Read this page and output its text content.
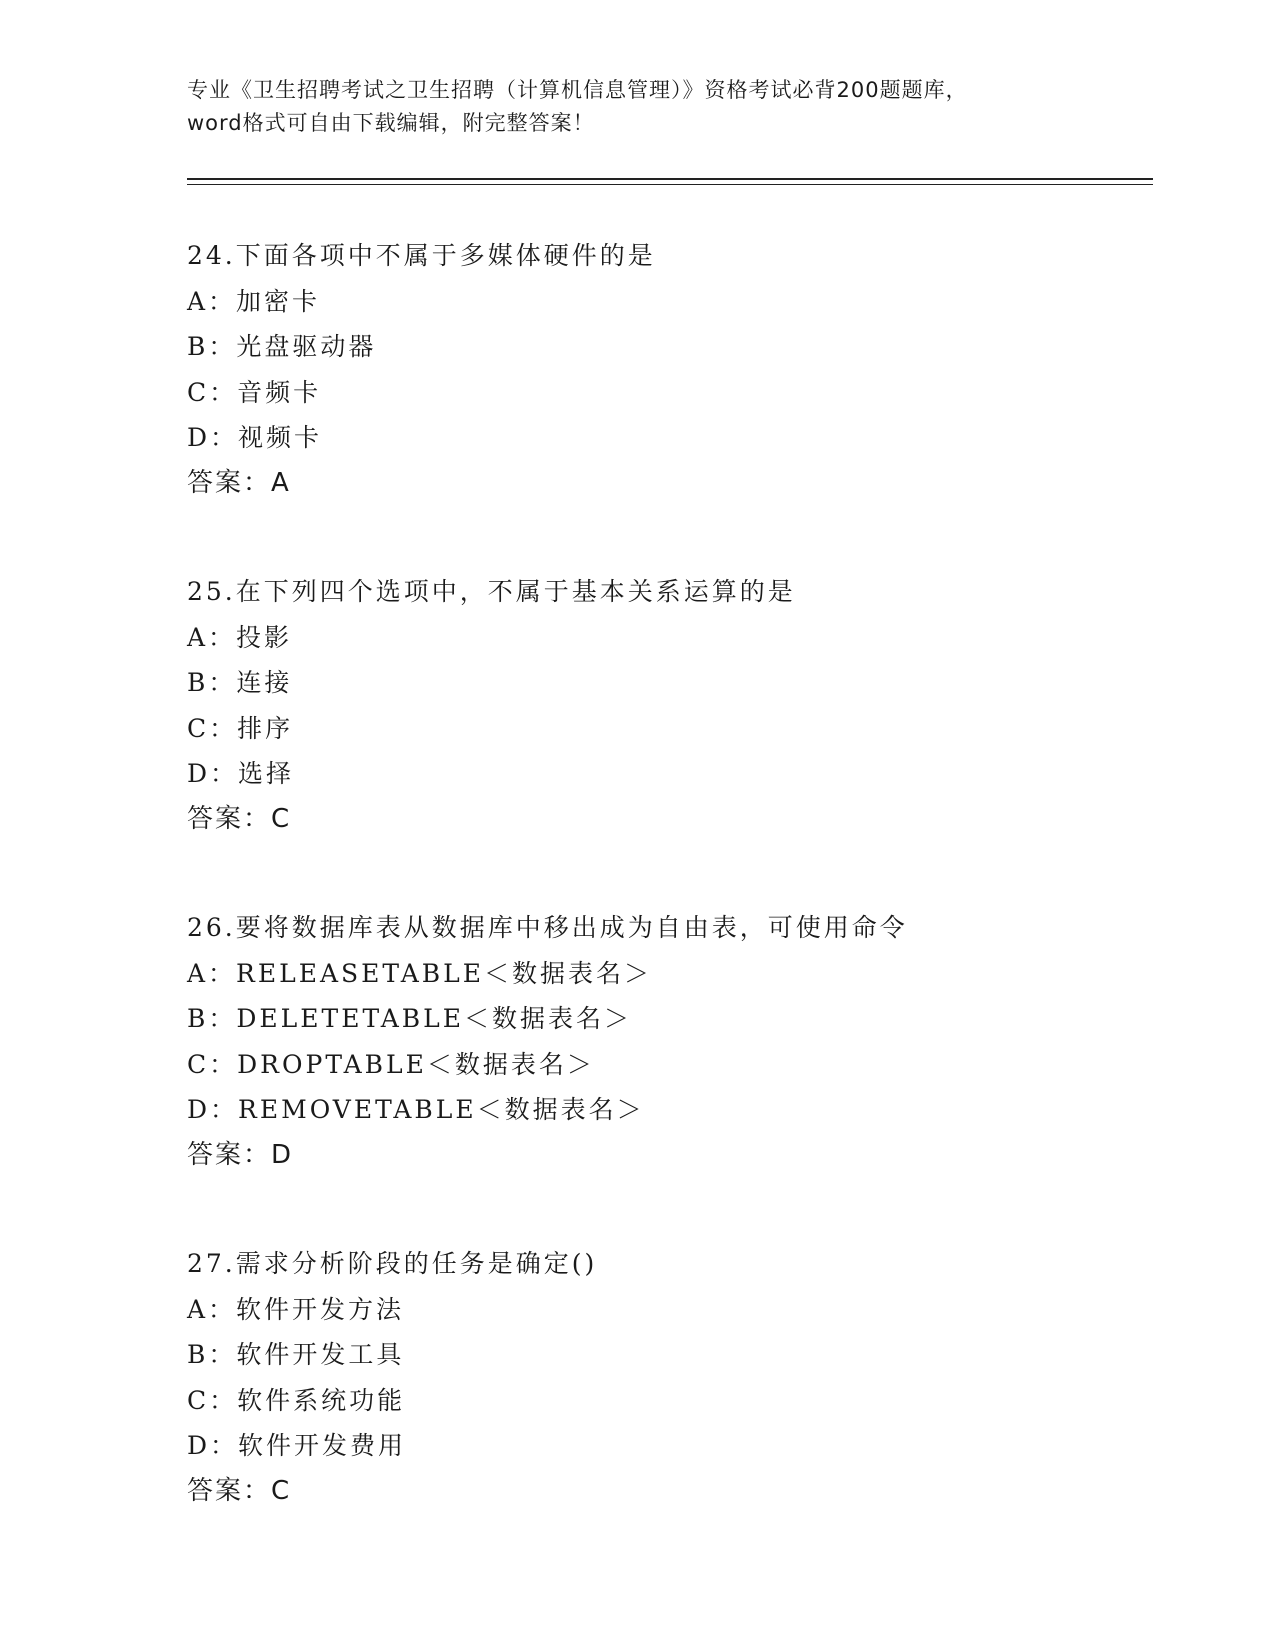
专业《卫生招聘考试之卫生招聘（计算机信息管理）》资格考试必背200题题库，
word格式可自由下载编辑，附完整答案！
24.下面各项中不属于多媒体硬件的是
A：加密卡
B：光盘驱动器
C：音频卡
D：视频卡
答案：A
25.在下列四个选项中，不属于基本关系运算的是
A：投影
B：连接
C：排序
D：选择
答案：C
26.要将数据库表从数据库中移出成为自由表，可使用命令
A：RELEASETABLE＜数据表名＞
B：DELETETABLE＜数据表名＞
C：DROPTABLE＜数据表名＞
D：REMOVETABLE＜数据表名＞
答案：D
27.需求分析阶段的任务是确定()
A：软件开发方法
B：软件开发工具
C：软件系统功能
D：软件开发费用
答案：C
